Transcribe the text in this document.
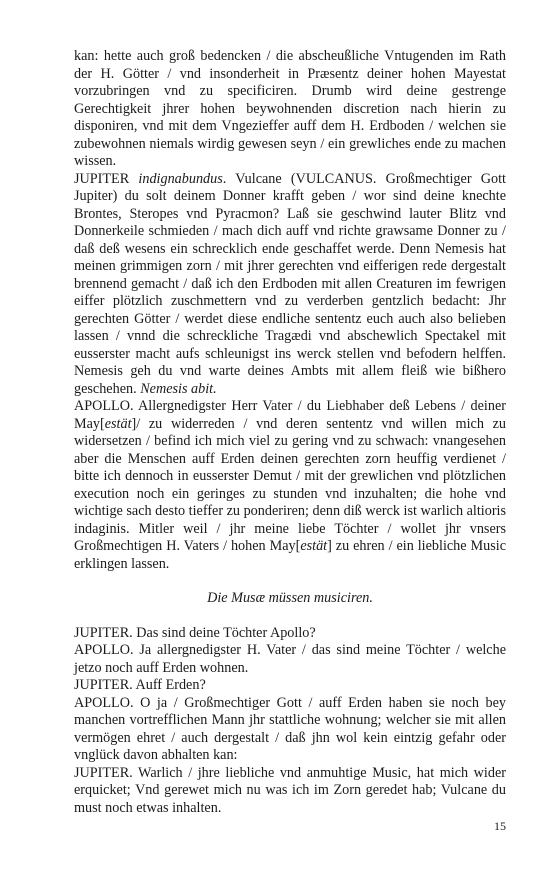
kan: hette auch groß bedencken / die abscheußliche Vntugenden im Rath der H. Götter / vnd insonderheit in Præsentz deiner hohen Mayestat vorzubringen vnd zu specificiren. Drumb wird deine gestrenge Gerechtigkeit jhrer hohen beywohnenden discretion nach hierin zu disponiren, vnd mit dem Vngezieffer auff dem H. Erdboden / welchen sie zubewohnen niemals wirdig gewesen seyn / ein grewliches ende zu machen wissen.

JUPITER indignabundus. Vulcane (VULCANUS. Großmechtiger Gott Jupiter) du solt deinem Donner krafft geben / wor sind deine knechte Brontes, Steropes vnd Pyracmon? Laß sie geschwind lauter Blitz vnd Donnerkeile schmieden / mach dich auff vnd richte grawsame Donner zu / daß deß wesens ein schrecklich ende geschaffet werde. Denn Nemesis hat meinen grimmigen zorn / mit jhrer gerechten vnd eifferigen rede dergestalt brennend gemacht / daß ich den Erdboden mit allen Creaturen im fewrigen eiffer plötzlich zuschmettern vnd zu verderben gentzlich bedacht: Jhr gerechten Götter / werdet diese endliche sententz euch auch also belieben lassen / vnnd die schreckliche Tragædi vnd abschewlich Spectakel mit eusserster macht aufs schleunigst ins werck stellen vnd befodern helffen. Nemesis geh du vnd warte deines Ambts mit allem fleiß wie bißhero geschehen. Nemesis abit.

APOLLO. Allergnedigster Herr Vater / du Liebhaber deß Lebens / deiner May[estät]/ zu widerreden / vnd deren sententz vnd willen mich zu widersetzen / befind ich mich viel zu gering vnd zu schwach: vnangesehen aber die Menschen auff Erden deinen gerechten zorn heuffig verdienet / bitte ich dennoch in eusserster Demut / mit der grewlichen vnd plötzlichen execution noch ein geringes zu stunden vnd inzuhalten; die hohe vnd wichtige sach desto tieffer zu ponderiren; denn diß werck ist warlich altioris indaginis. Mitler weil / jhr meine liebe Töchter / wollet jhr vnsers Großmechtigen H. Vaters / hohen May[estät] zu ehren / ein liebliche Music erklingen lassen.

Die Musæ müssen musiciren.

JUPITER. Das sind deine Töchter Apollo?

APOLLO. Ja allergnedigster H. Vater / das sind meine Töchter / welche jetzo noch auff Erden wohnen.

JUPITER. Auff Erden?

APOLLO. O ja / Großmechtiger Gott / auff Erden haben sie noch bey manchen vortrefflichen Mann jhr stattliche wohnung; welcher sie mit allen vermögen ehret / auch dergestalt / daß jhn wol kein eintzig gefahr oder vnglück davon abhalten kan:

JUPITER. Warlich / jhre liebliche vnd anmuhtige Music, hat mich wider erquicket; Vnd gerewet mich nu was ich im Zorn geredet hab; Vulcane du must noch etwas inhalten.

15
